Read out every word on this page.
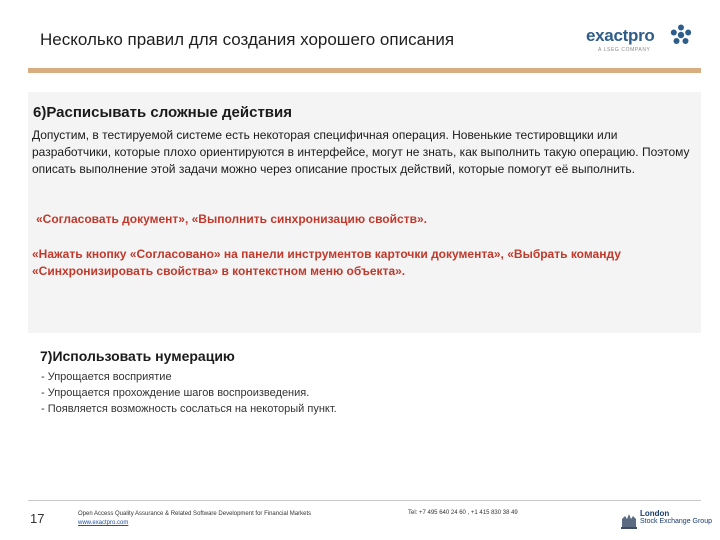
Несколько правил для создания хорошего описания	exactpro
A LSEG COMPANY
6)Расписывать сложные действия
Допустим, в тестируемой системе есть некоторая специфичная операция. Новенькие тестировщики или разработчики, которые плохо ориентируются в интерфейсе, могут не знать, как выполнить такую операцию. Поэтому описать выполнение этой задачи можно через описание простых действий, которые помогут её выполнить.
«Согласовать документ», «Выполнить синхронизацию свойств».
«Нажать кнопку «Согласовано» на панели инструментов карточки документа», «Выбрать команду «Синхронизировать свойства» в контекстном меню объекта».
7)Использовать нумерацию
- Упрощается восприятие
- Упрощается прохождение шагов воспроизведения.
- Появляется возможность сослаться на некоторый пункт.
17	Open Access Quality Assurance & Related Software Development for Financial Markets
www.exactpro.com
Tel: +7 495 640 24 60 , +1 415 830 38 49	London
Stock Exchange Group
